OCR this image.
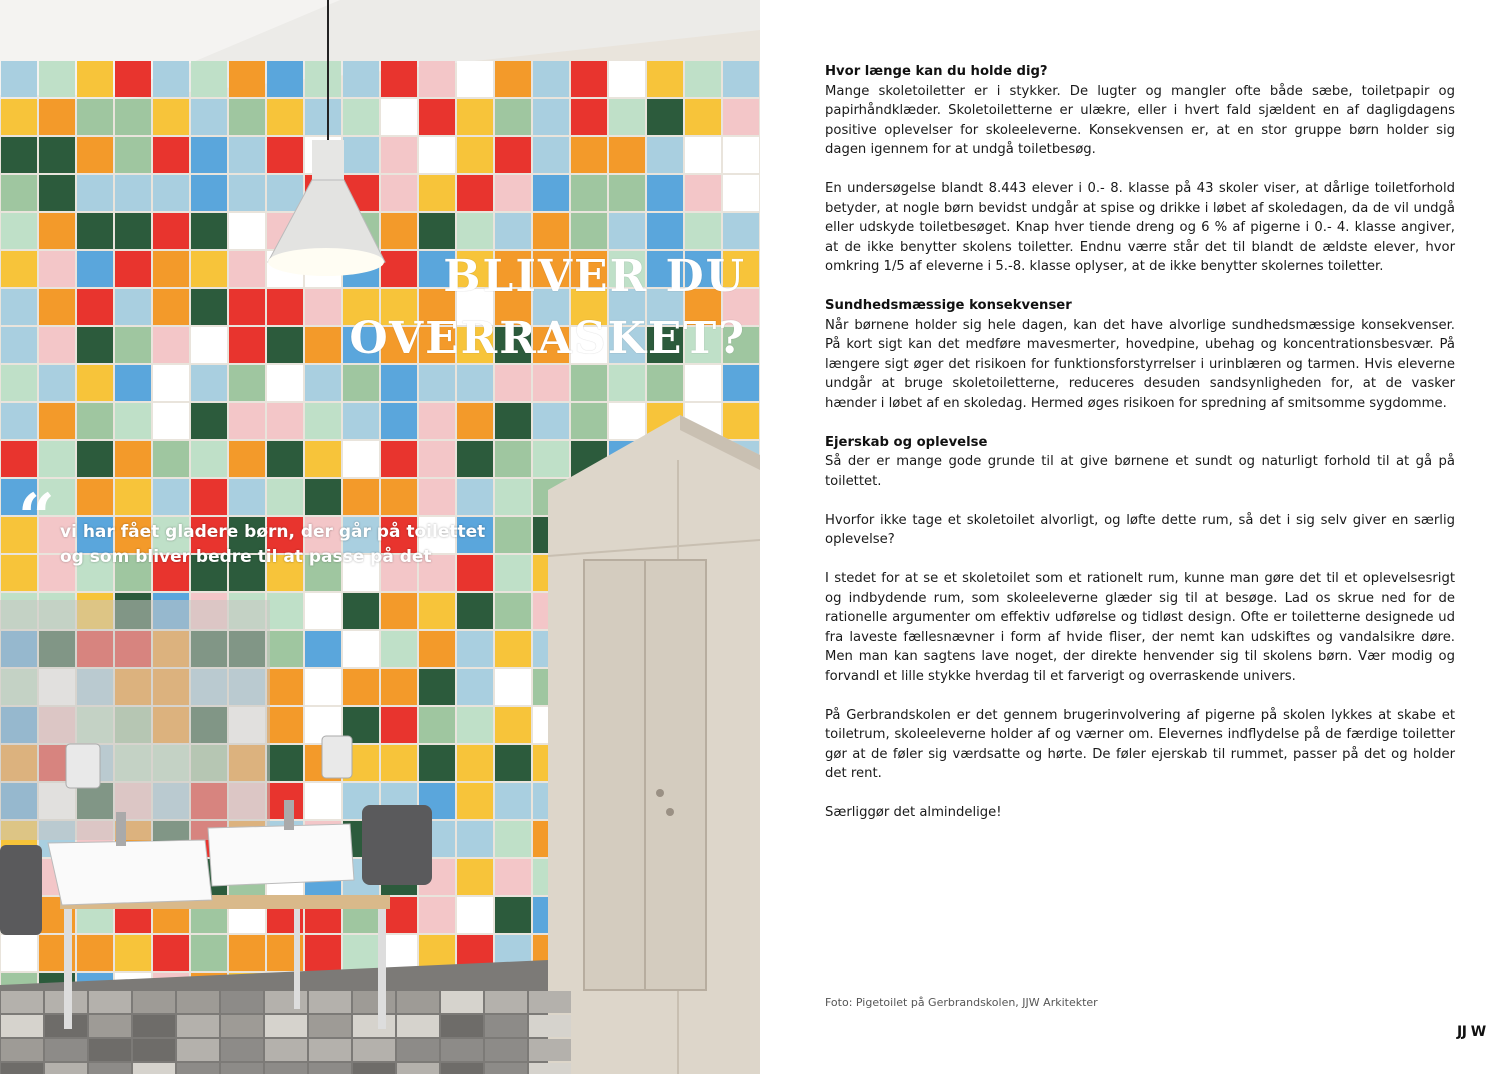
BLIVER DU
OVERRASKET?
“ vi har fået gladere børn, der går på toilettet
og som bliver bedre til at passe på det
Hvor længe kan du holde dig?

Mange skoletoiletter er i stykker. De lugter og mangler ofte både sæbe, toiletpapir og papirhåndklæder. Skoletoiletterne er ulækre, eller i hvert fald sjældent en af dagligdagens positive oplevelser for skoleeleverne. Konsekvensen er, at en stor gruppe børn holder sig dagen igennem for at undgå toiletbesøg.

En undersøgelse blandt 8.443 elever i 0.- 8. klasse på 43 skoler viser, at dårlige toiletforhold betyder, at nogle børn bevidst undgår at spise og drikke i løbet af skoledagen, da de vil undgå eller udskyde toiletbesøget. Knap hver tiende dreng og 6 % af pigerne i 0.- 4. klasse angiver, at de ikke benytter skolens toiletter. Endnu værre står det til blandt de ældste elever, hvor omkring 1/5 af eleverne i 5.-8. klasse oplyser, at de ikke benytter skolernes toiletter.

Sundhedsmæssige konsekvenser

Når børnene holder sig hele dagen, kan det have alvorlige sundhedsmæssige konsekvenser. På kort sigt kan det medføre mavesmerter, hovedpine, ubehag og koncentrationsbesvær. På længere sigt øger det risikoen for funktionsforstyrrelser i urinblæren og tarmen. Hvis eleverne undgår at bruge skoletoiletterne, reduceres desuden sandsynligheden for, at de vasker hænder i løbet af en skoledag. Hermed øges risikoen for spredning af smitsomme sygdomme.

Ejerskab og oplevelse

Så der er mange gode grunde til at give børnene et sundt og naturligt forhold til at gå på toilettet.

Hvorfor ikke tage et skoletoilet alvorligt, og løfte dette rum, så det i sig selv giver en særlig oplevelse?

I stedet for at se et skoletoilet som et rationelt rum, kunne man gøre det til et oplevelsesrigt og indbydende rum, som skoleeleverne glæder sig til at besøge. Lad os skrue ned for de rationelle argumenter om effektiv udførelse og tidløst design. Ofte er toiletterne designede ud fra laveste fællesnævner i form af hvide fliser, der nemt kan udskiftes og vandalsikre døre. Men man kan sagtens lave noget, der direkte henvender sig til skolens børn. Vær modig og forvandl et lille stykke hverdag til et farverigt og overraskende univers.

På Gerbrandskolen er det gennem brugerinvolvering af pigerne på skolen lykkes at skabe et toiletrum, skoleeleverne holder af og værner om. Elevernes indflydelse på de færdige toiletter gør at de føler sig værdsatte og hørte. De føler ejerskab til rummet, passer på det og holder det rent.

Særliggør det almindelige!

Foto: Pigetoilet på Gerbrandskolen, JJW Arkitekter
JJ W
